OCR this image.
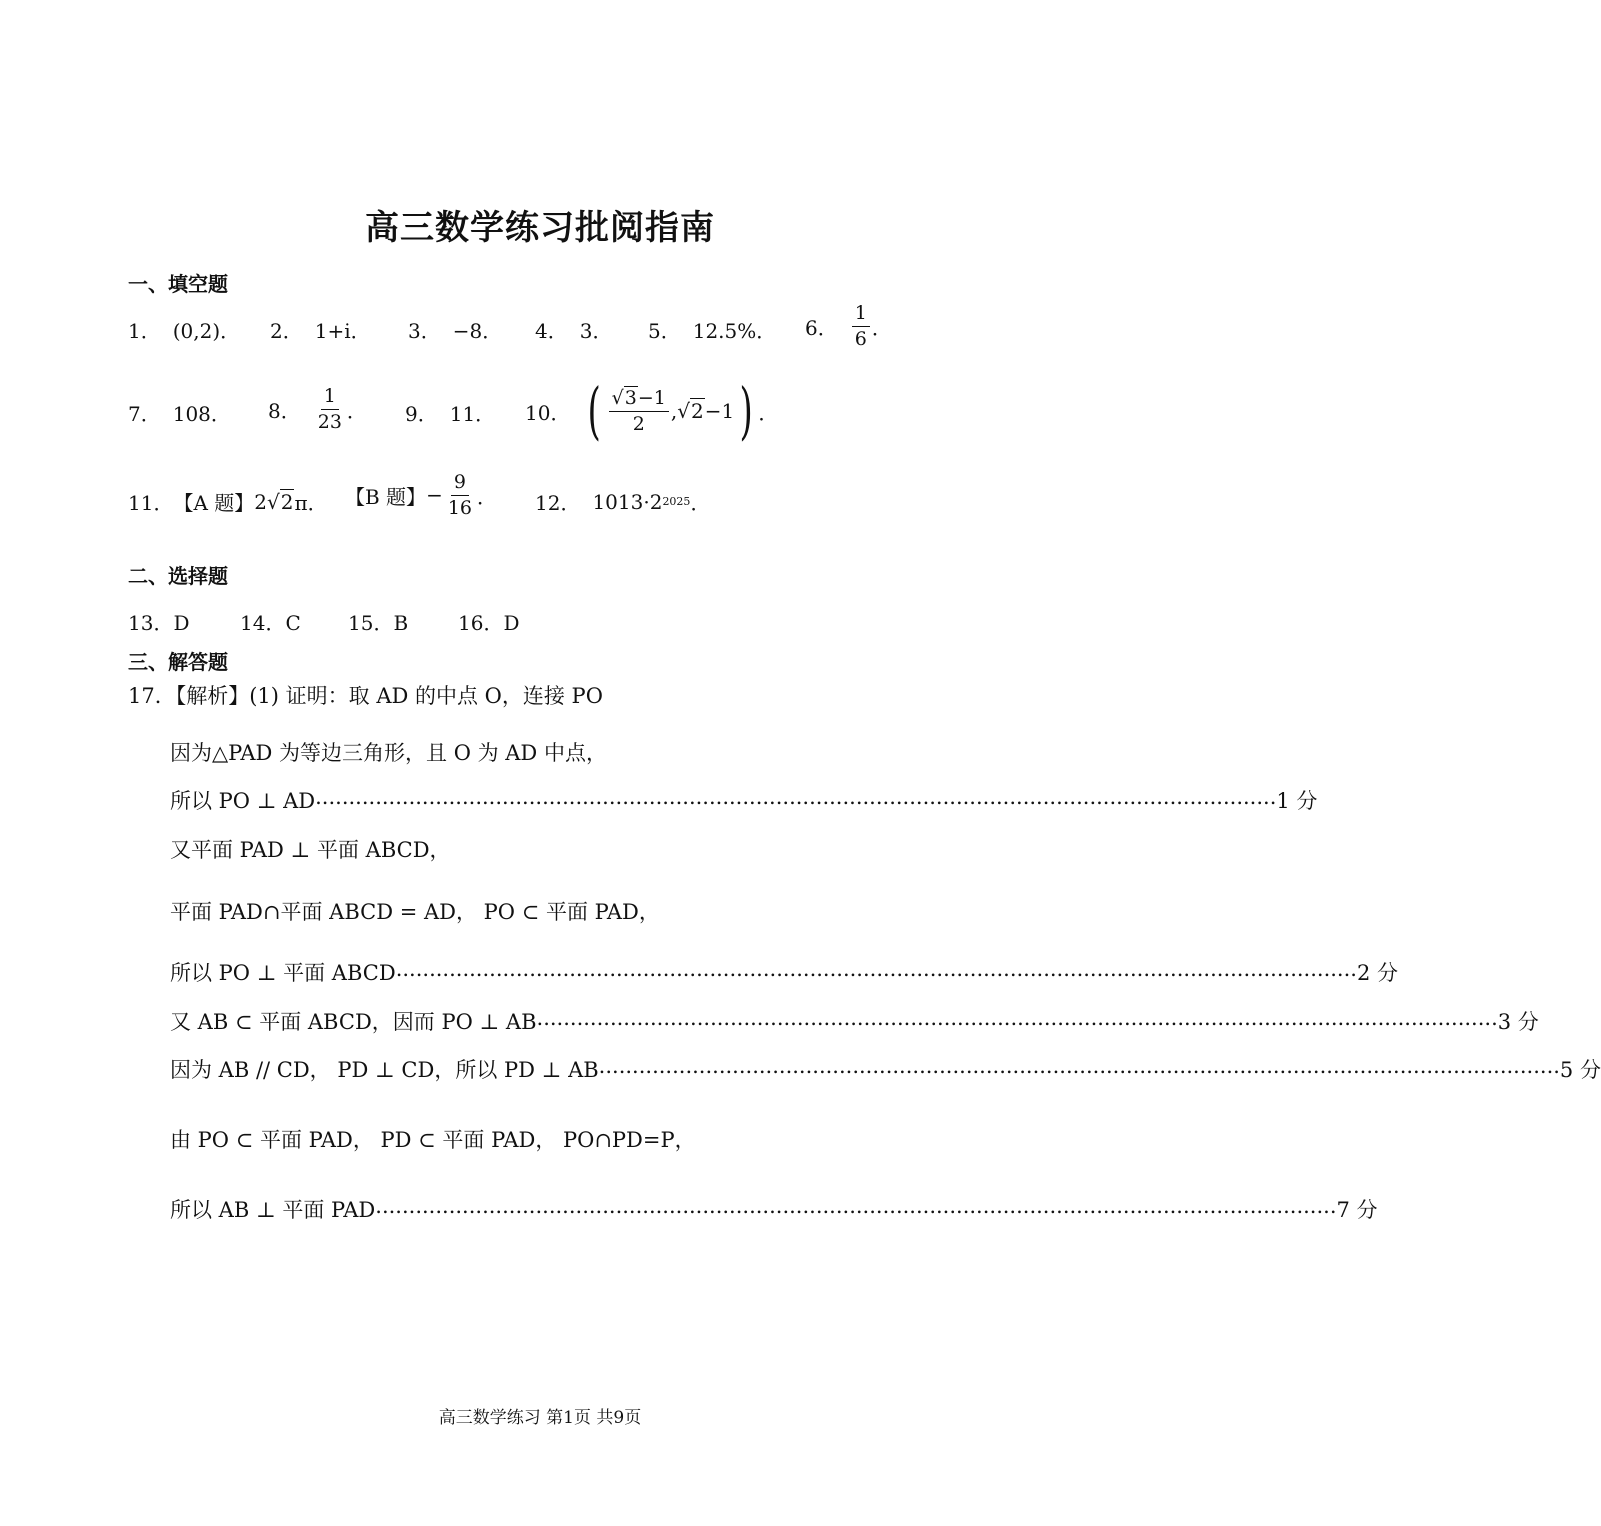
高三数学练习批阅指南
一、填空题
1． (0,2)． 2． 1+i． 3． −8． 4． 3． 5． 12.5%． 6． $\frac{1}{6}$ ．
7． 108． 8． $\frac{1}{23}$ ． 9． 11． 10． ( $\frac{√3-1}{2}$ , √2 −1 ) ．
11． 【A 题】 2 √2 π． 【B 题】 − $\frac{9}{16}$ ． 12． 1013·2 2025 ．
二、选择题
13．D	14．C 15．B 16．D
三、解答题
17．【解析】(1) 证明：取 AD 的中点 O，连接 PO
因为△PAD 为等边三角形，且 O 为 AD 中点，
所以 PO ⊥ AD ................................................................................................................................................ 1 分
又平面 PAD ⊥ 平面 ABCD，
平面 PAD∩平面 ABCD = AD， PO ⊂ 平面 PAD，
所以 PO ⊥ 平面 ABCD ................................................................................................................................................ 2 分
又 AB ⊂ 平面 ABCD，因而 PO ⊥ AB ................................................................................................................................................ 3 分
因为 AB // CD， PD ⊥ CD，所以 PD ⊥ AB ................................................................................................................................................ 5 分
由 PO ⊂ 平面 PAD， PD ⊂ 平面 PAD， PO∩PD=P，
所以 AB ⊥ 平面 PAD ................................................................................................................................................ 7 分
高三数学练习 第1页 共9页
